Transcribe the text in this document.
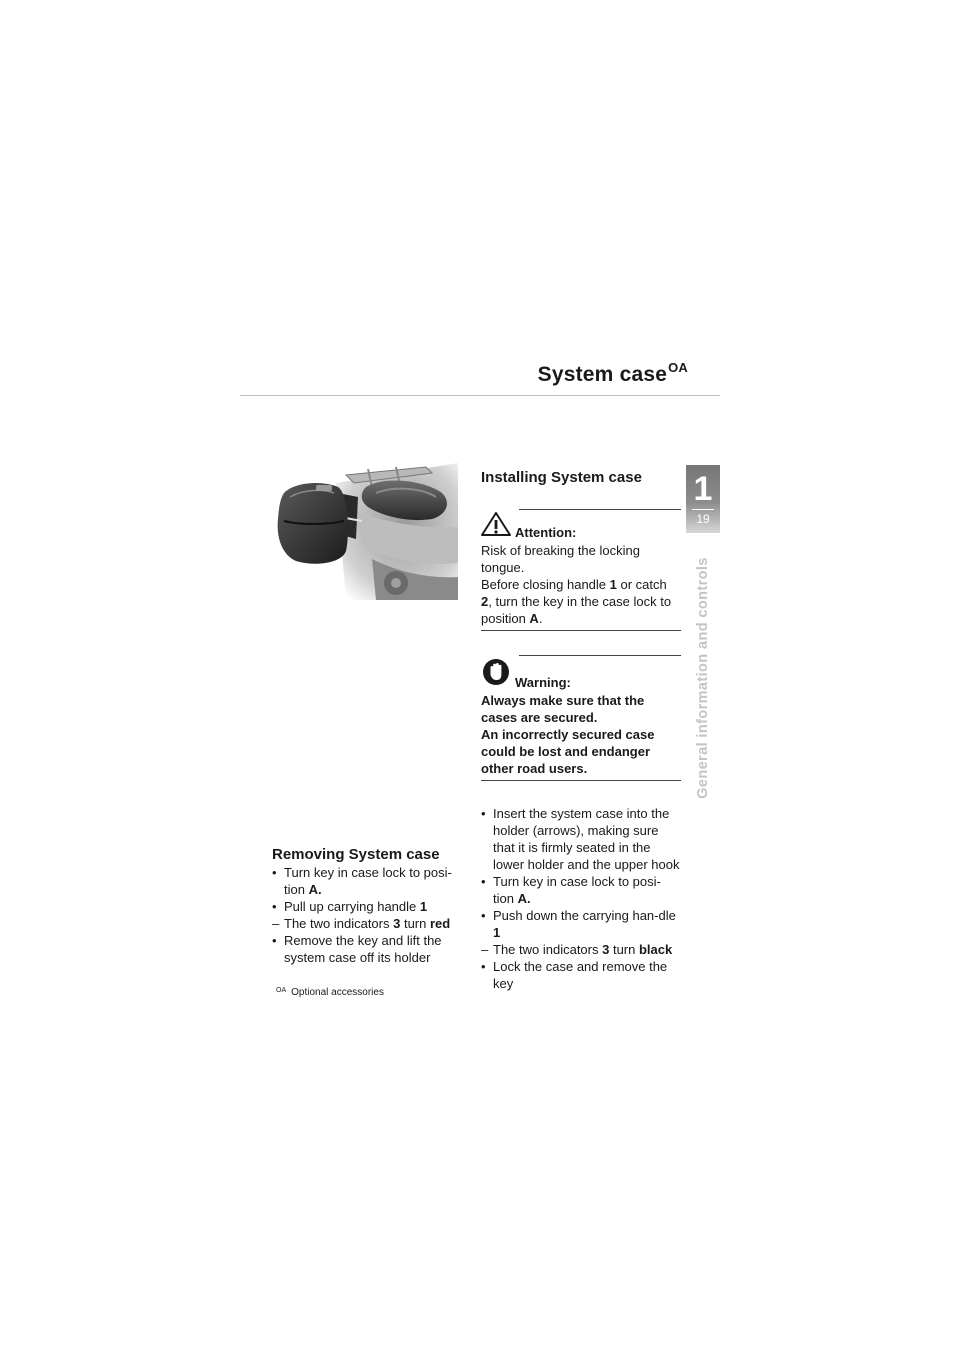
System case$^{OA}$
1
19
General information and controls
Removing System case
• Turn key in case lock to posi-tion A.
• Pull up carrying handle 1
– The two indicators 3 turn red
• Remove the key and lift the system case off its holder
$^{OA}$ Optional accessories
Installing System case
Attention:
Risk of breaking the locking tongue.
Before closing handle 1 or catch 2, turn the key in the case lock to position A.
Warning:
Always make sure that the cases are secured.
An incorrectly secured case could be lost and endanger other road users.
• Insert the system case into the holder (arrows), making sure that it is firmly seated in the lower holder and the upper hook
• Turn key in case lock to posi-tion A.
• Push down the carrying han-dle 1
– The two indicators 3 turn black
• Lock the case and remove the key
